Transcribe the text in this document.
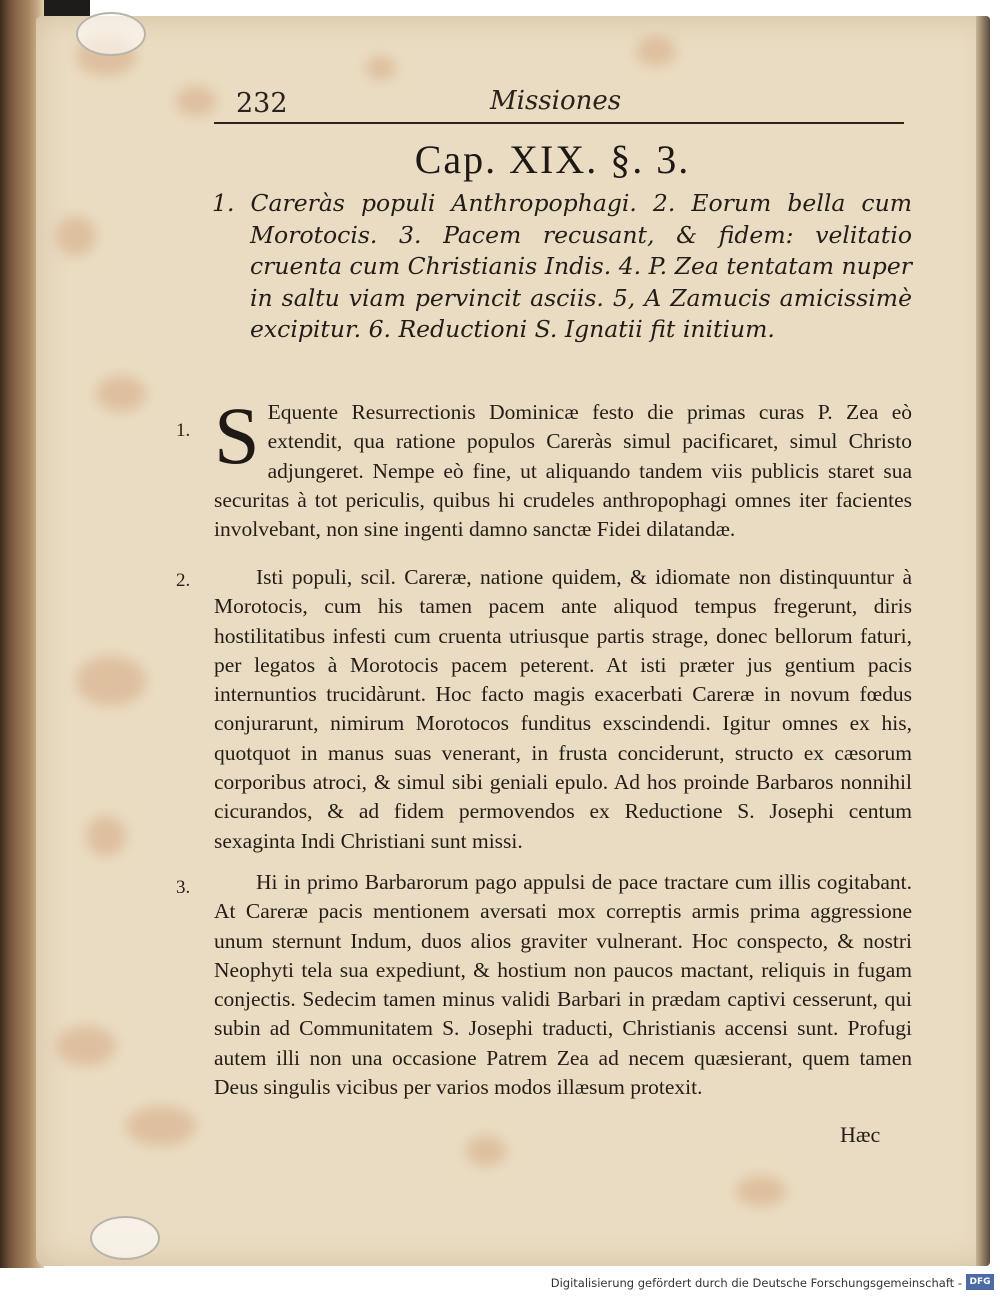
232	Missiones
Cap. XIX. §. 3.
1. Careràs populi Anthropophagi. 2. Eorum bella cum Morotocis. 3. Pacem recusant, & fidem: velitatio cruenta cum Christianis Indis. 4. P. Zea tentatam nuper in saltu viam pervincit asciis. 5, A Zamucis amicissimè excipitur. 6. Reductioni S. Ignatii fit initium.
1. S Equente Resurrectionis Dominicæ festo die primas curas P. Zea eò extendit, qua ratione populos Careràs simul pacificaret, simul Christo adjungeret. Nempe eò fine, ut aliquando tandem viis publicis staret sua securitas à tot periculis, quibus hi crudeles anthropophagi omnes iter facientes involvebant, non sine ingenti damno sanctæ Fidei dilatandæ.
2.	Isti populi, scil. Careræ, natione quidem, & idiomate non distinquuntur à Morotocis, cum his tamen pacem ante aliquod tempus fregerunt, diris hostilitatibus infesti cum cruenta utriusque partis strage, donec bellorum faturi, per legatos à Morotocis pacem peterent. At isti præter jus gentium pacis internuntios trucidàrunt. Hoc facto magis exacerbati Careræ in novum fœdus conjurarunt, nimirum Morotocos funditus exscindendi. Igitur omnes ex his, quotquot in manus suas venerant, in frusta conciderunt, structo ex cæsorum corporibus atroci, & simul sibi geniali epulo. Ad hos proinde Barbaros nonnihil cicurandos, & ad fidem permovendos ex Reductione S. Josephi centum sexaginta Indi Christiani sunt missi.
3.	Hi in primo Barbarorum pago appulsi de pace tractare cum illis cogitabant. At Careræ pacis mentionem aversati mox correptis armis prima aggressione unum sternunt Indum, duos alios graviter vulnerant. Hoc conspecto, & nostri Neophyti tela sua expediunt, & hostium non paucos mactant, reliquis in fugam conjectis. Sedecim tamen minus validi Barbari in prædam captivi cesserunt, qui subin ad Communitatem S. Josephi traducti, Christianis accensi sunt. Profugi autem illi non una occasione Patrem Zea ad necem quæsierant, quem tamen Deus singulis vicibus per varios modos illæsum protexit.
Hæc
Digitalisierung gefördert durch die Deutsche Forschungsgemeinschaft - DFG
